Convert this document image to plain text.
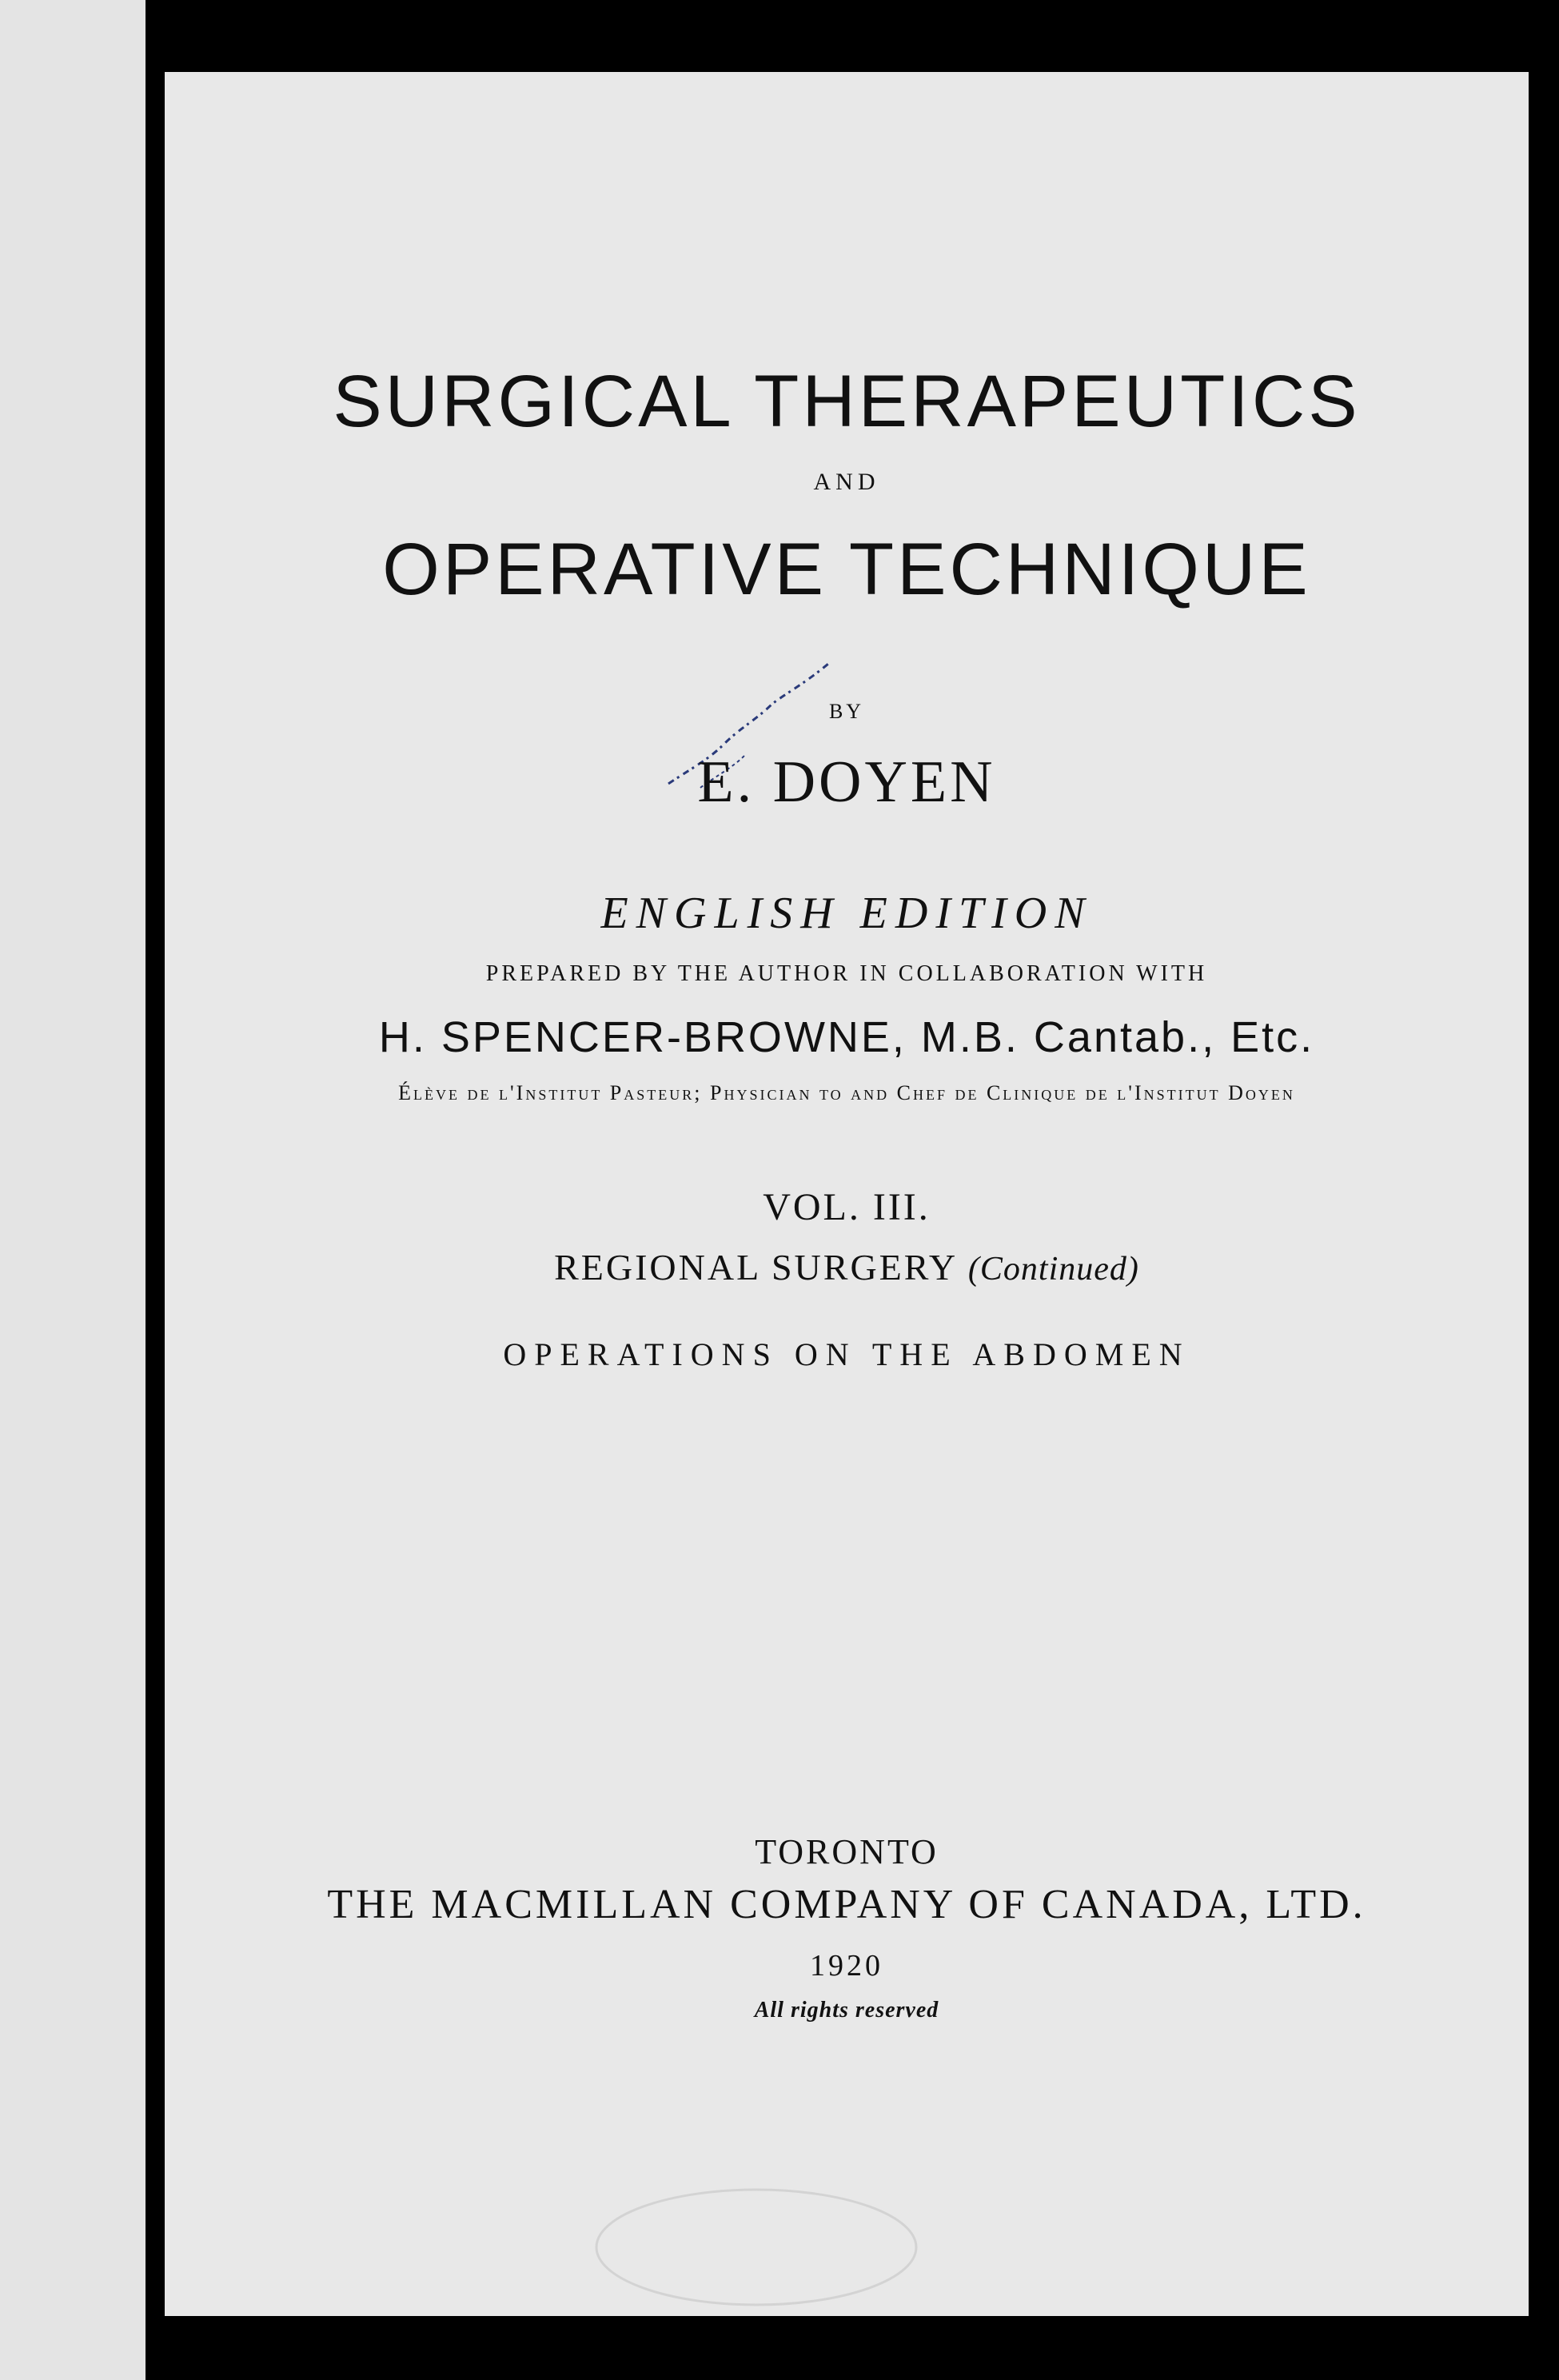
SURGICAL THERAPEUTICS
AND
OPERATIVE TECHNIQUE
BY
E. DOYEN
ENGLISH EDITION
PREPARED BY THE AUTHOR IN COLLABORATION WITH
H. SPENCER-BROWNE, M.B. Cantab., Etc.
Élève de l'Institut Pasteur; Physician to and Chef de Clinique de l'Institut Doyen
VOL. III.
REGIONAL SURGERY (Continued)
OPERATIONS ON THE ABDOMEN
TORONTO
THE MACMILLAN COMPANY OF CANADA, LTD.
1920
All rights reserved
